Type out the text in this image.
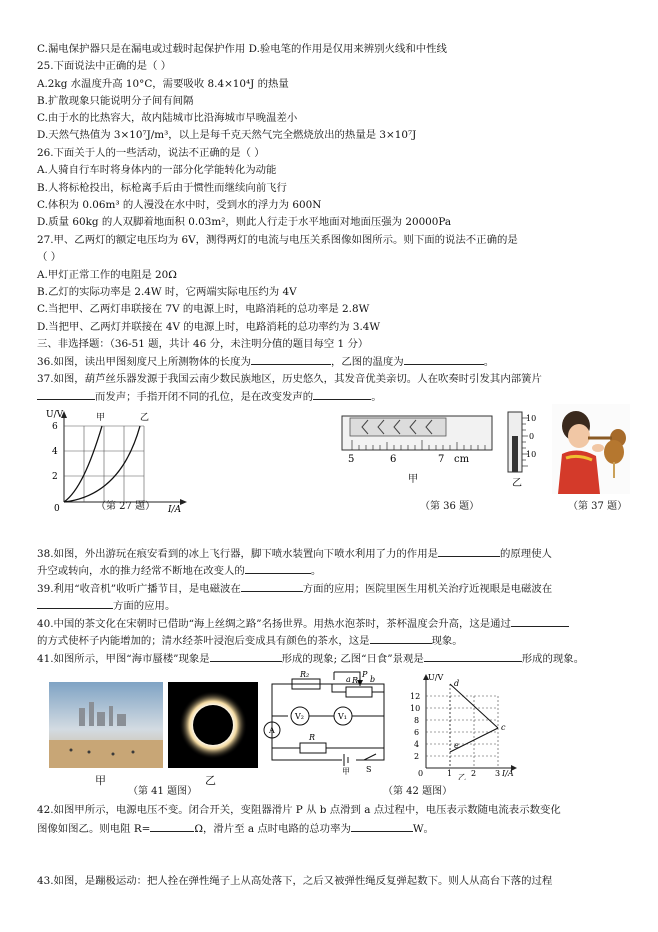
C.漏电保护器只是在漏电或过载时起保护作用 D.验电笔的作用是仅用来辨别火线和中性线
25.下面说法中正确的是（ ）
A.2kg 水温度升高 10°C，需要吸收 8.4×10⁴J 的热量
B.扩散现象只能说明分子间有间隔
C.由于水的比热容大，故内陆城市比沿海城市早晚温差小
D.天然气热值为 3×10⁷J/m³，以上是每千克天然气完全燃烧放出的热量是 3×10⁷J
26.下面关于人的一些活动，说法不正确的是（ ）
A.人骑自行车时将身体内的一部分化学能转化为动能
B.人将标枪投出，标枪离手后由于惯性而继续向前飞行
C.体积为 0.06m³ 的人漫没在水中时，受到水的浮力为 600N
D.质量 60kg 的人双脚着地面积 0.03m²，则此人行走于水平地面对地面压强为 20000Pa
27.甲、乙两灯的额定电压均为 6V，测得两灯的电流与电压关系图像如图所示。则下面的说法不正确的是
（ ）
A.甲灯正常工作的电阻是 20Ω
B.乙灯的实际功率是 2.4W 时，它两端实际电压约为 4V
C.当把甲、乙两灯串联接在 7V 的电源上时，电路消耗的总功率是 2.8W
D.当把甲、乙两灯并联接在 4V 的电源上时，电路消耗的总功率约为 3.4W
三、非选择题：（36-51 题，共计 46 分，未注明分值的题目每空 1 分）
36.如图，读出甲图刻度尺上所测物体的长度为	，乙图的温度为	。
37.如图，葫芦丝乐器发源于我国云南少数民族地区，历史悠久，其发音优美亲切。人在吹奏时引发其内部簧片
而发声；手指开闭不同的孔位，是在改变发声的	。
U/V
6
4
2
0
甲	乙
I/A
（第 27 题）
5	6	7 cm
甲
10
0
10
乙
（第 36 题）	（第 37 题）
38.如图，外出游玩在痕安看到的冰上飞行器，脚下喷水装置向下喷水利用了力的作用是	的原理使人
升空或转向，水的推力经常不断地在改变人的	。
39.利用“收音机”收听广播节目，是电磁波在	方面的应用；医院里医生用机关治疗近视眼是电磁波在
方面的应用。
40.中国的茶文化在宋朝时已借助“海上丝绸之路”名扬世界。用热水泡茶时，茶杯温度会升高，这是通过
的方式使杯子内能增加的；清水经茶叶浸泡后变成具有颜色的茶水，这是	现象。
41.如图所示，甲图“海市蜃楼”现象是	形成的现象; 乙图“日食”景观是	形成的现象。
甲	乙
（第 41 题图）
P
a b
R₂
R₁
V₂	V₁
A
R
S
甲
U/V
12
10
8
6
4
2
0	1 2 3 I/A
d
c
e
乙
（第 42 题图）
42.如图甲所示，电源电压不变。闭合开关，变阻器滑片 P 从 b 点滑到 a 点过程中，电压表示数随电流表示数变化
图像如图乙。则电阻 R=	Ω，滑片至 a 点时电路的总功率为	W。
43.如图，是蹦极运动：把人拴在弹性绳子上从高处落下，之后又被弹性绳反复弹起数下。则人从高台下落的过程
